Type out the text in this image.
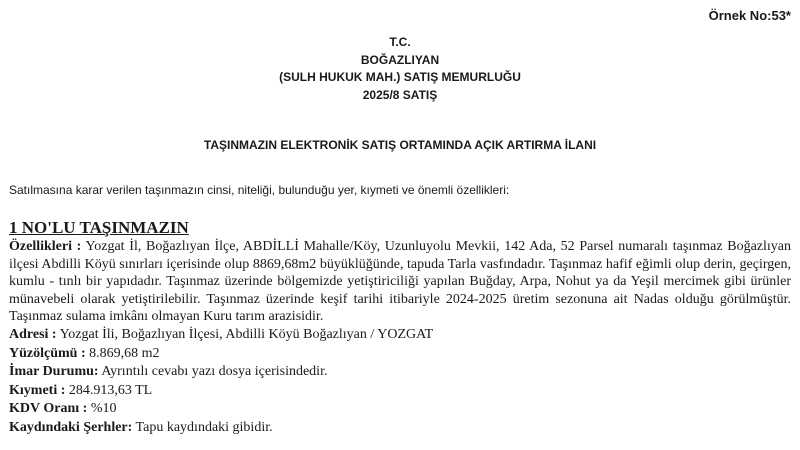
Örnek No:53*
T.C.
BOĞAZLIYAN
(SULH HUKUK MAH.) SATIŞ MEMURLUĞU
2025/8 SATIŞ
TAŞINMAZIN ELEKTRONİK SATIŞ ORTAMINDA AÇIK ARTIRMA İLANI
Satılmasına karar verilen taşınmazın cinsi, niteliği, bulunduğu yer, kıymeti ve önemli özellikleri:
1 NO'LU TAŞINMAZIN
Özellikleri : Yozgat İl, Boğazlıyan İlçe, ABDİLLİ Mahalle/Köy, Uzunluyolu Mevkii, 142 Ada, 52 Parsel numaralı taşınmaz Boğazlıyan ilçesi Abdilli Köyü sınırları içerisinde olup 8869,68m2 büyüklüğünde, tapuda Tarla vasfındadır. Taşınmaz hafif eğimli olup derin, geçirgen, kumlu - tınlı bir yapıdadır. Taşınmaz üzerinde bölgemizde yetiştiriciliği yapılan Buğday, Arpa, Nohut ya da Yeşil mercimek gibi ürünler münavebeli olarak yetiştirilebilir. Taşınmaz üzerinde keşif tarihi itibariyle 2024-2025 üretim sezonuna ait Nadas olduğu görülmüştür. Taşınmaz sulama imkânı olmayan Kuru tarım arazisidir.
Adresi : Yozgat İli, Boğazlıyan İlçesi, Abdilli Köyü Boğazlıyan / YOZGAT
Yüzölçümü : 8.869,68 m2
İmar Durumu: Ayrıntılı cevabı yazı dosya içerisindedir.
Kıymeti : 284.913,63 TL
KDV Oranı : %10
Kaydındaki Şerhler: Tapu kaydındaki gibidir.
